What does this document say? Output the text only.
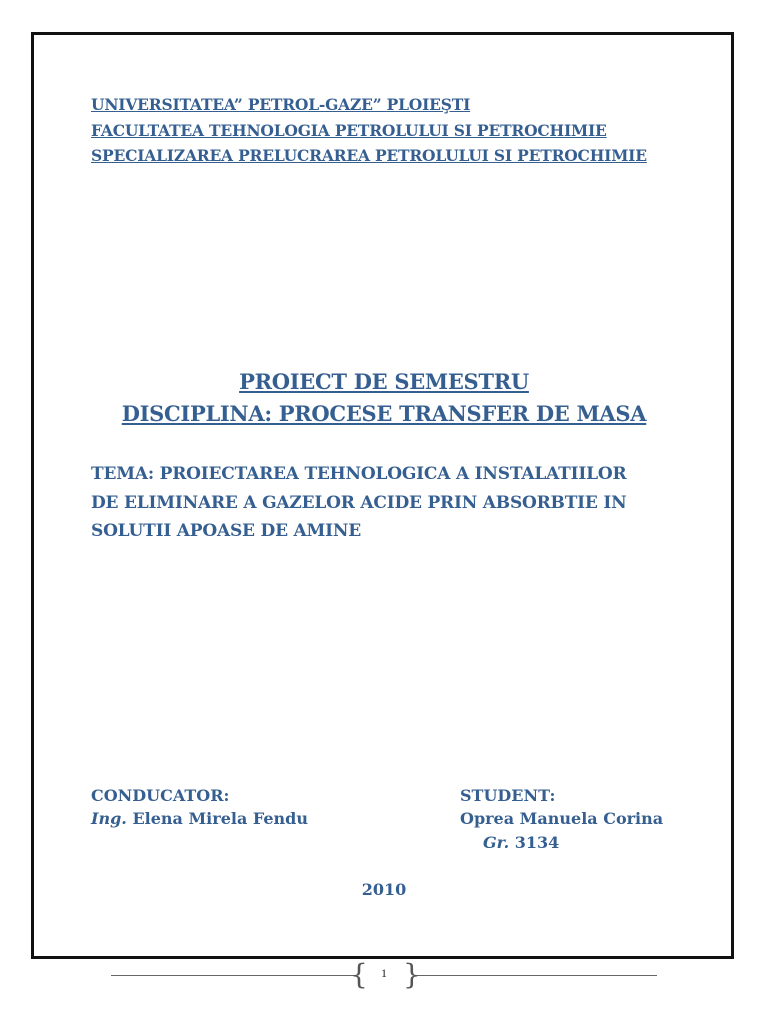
UNIVERSITATEA” PETROL-GAZE” PLOIEŞTI
FACULTATEA TEHNOLOGIA PETROLULUI SI PETROCHIMIE
SPECIALIZAREA PRELUCRAREA PETROLULUI SI PETROCHIMIE
PROIECT DE SEMESTRU
DISCIPLINA: PROCESE TRANSFER DE MASA
TEMA: PROIECTAREA TEHNOLOGICA A INSTALATIILOR
DE ELIMINARE A GAZELOR ACIDE PRIN ABSORBTIE IN
SOLUTII APOASE DE AMINE
CONDUCATOR:
Ing. Elena Mirela Fendu
STUDENT:
Oprea Manuela Corina
Gr. 3134
2010
{ }
1
